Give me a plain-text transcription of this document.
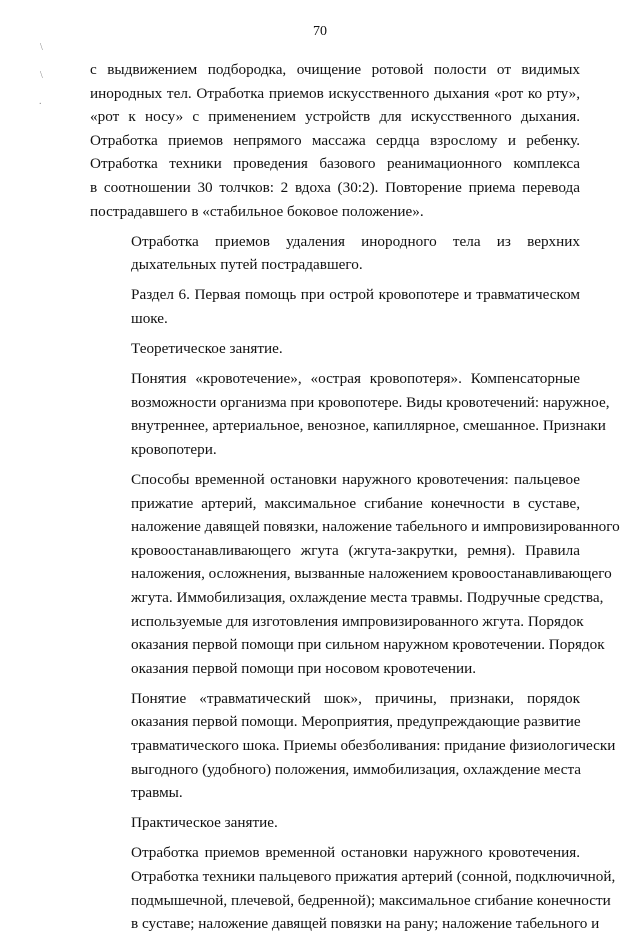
70
\
\
.

с выдвижением подбородка, очищение ротовой полости от видимых
инородных тел. Отработка приемов искусственного дыхания «рот ко рту»,
«рот к носу» с применением устройств для искусственного дыхания.
Отработка приемов непрямого массажа сердца взрослому и ребенку.
Отработка техники проведения базового реанимационного комплекса
в соотношении 30 толчков: 2 вдоха (30:2). Повторение приема перевода
пострадавшего в «стабильное боковое положение».

Отработка приемов удаления инородного тела из верхних
дыхательных путей пострадавшего.

Раздел 6. Первая помощь при острой кровопотере и травматическом
шоке.

Теоретическое занятие.

Понятия «кровотечение», «острая кровопотеря». Компенсаторные
возможности организма при кровопотере. Виды кровотечений: наружное,
внутреннее, артериальное, венозное, капиллярное, смешанное. Признаки
кровопотери.

Способы временной остановки наружного кровотечения: пальцевое
прижатие артерий, максимальное сгибание конечности в суставе,
наложение давящей повязки, наложение табельного и импровизированного
кровоостанавливающего жгута (жгута-закрутки, ремня). Правила
наложения, осложнения, вызванные наложением кровоостанавливающего
жгута. Иммобилизация, охлаждение места травмы. Подручные средства,
используемые для изготовления импровизированного жгута. Порядок
оказания первой помощи при сильном наружном кровотечении. Порядок
оказания первой помощи при носовом кровотечении.

Понятие «травматический шок», причины, признаки, порядок
оказания первой помощи. Мероприятия, предупреждающие развитие
травматического шока. Приемы обезболивания: придание физиологически
выгодного (удобного) положения, иммобилизация, охлаждение места
травмы.

Практическое занятие.

Отработка приемов временной остановки наружного кровотечения.
Отработка техники пальцевого прижатия артерий (сонной, подключичной,
подмышечной, плечевой, бедренной); максимальное сгибание конечности
в суставе; наложение давящей повязки на рану; наложение табельного и
